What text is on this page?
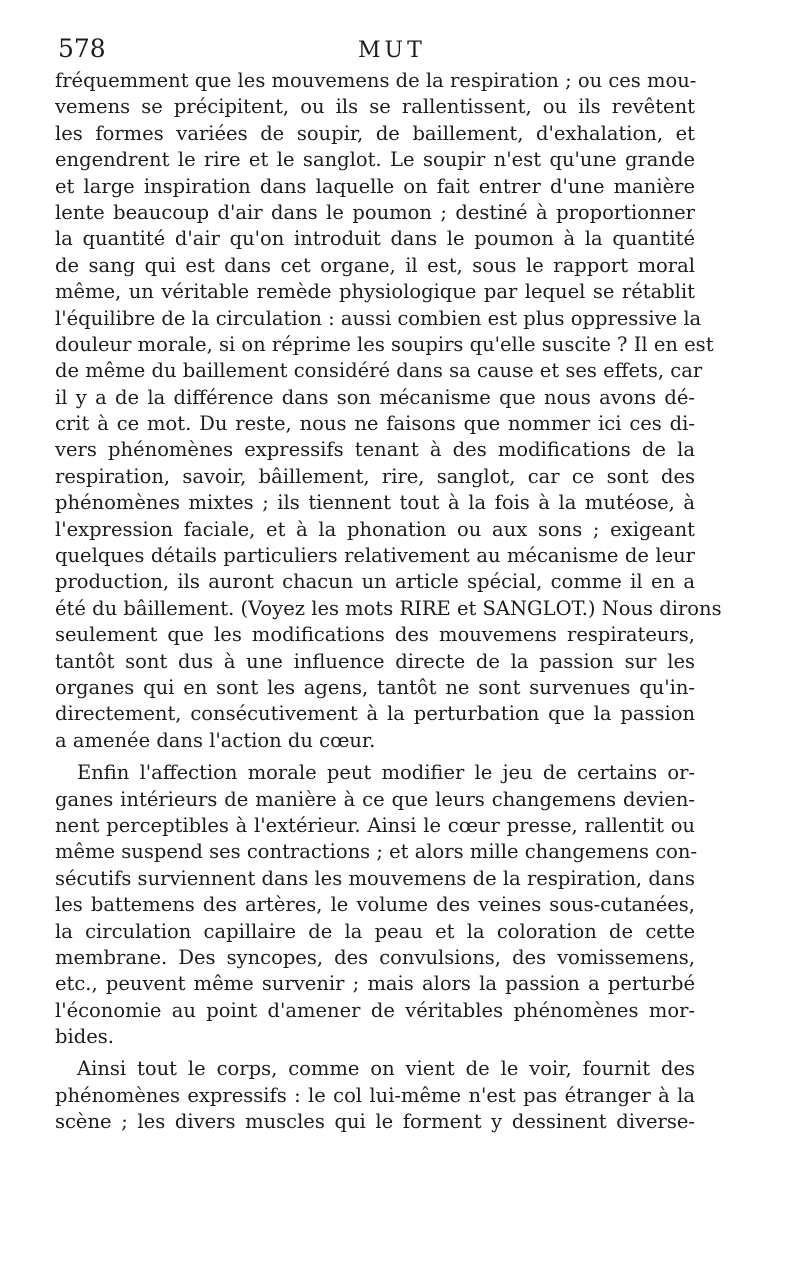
578	MUT
fréquemment que les mouvemens de la respiration ; ou ces mou-
vemens se précipitent, ou ils se rallentissent, ou ils revêtent
les formes variées de soupir, de baillement, d'exhalation, et
engendrent le rire et le sanglot. Le soupir n'est qu'une grande
et large inspiration dans laquelle on fait entrer d'une manière
lente beaucoup d'air dans le poumon ; destiné à proportionner
la quantité d'air qu'on introduit dans le poumon à la quantité
de sang qui est dans cet organe, il est, sous le rapport moral
même, un véritable remède physiologique par lequel se rétablit
l'équilibre de la circulation : aussi combien est plus oppressive la
douleur morale, si on réprime les soupirs qu'elle suscite ? Il en est
de même du baillement considéré dans sa cause et ses effets, car
il y a de la différence dans son mécanisme que nous avons dé-
crit à ce mot. Du reste, nous ne faisons que nommer ici ces di-
vers phénomènes expressifs tenant à des modifications de la
respiration, savoir, bâillement, rire, sanglot, car ce sont des
phénomènes mixtes ; ils tiennent tout à la fois à la mutéose, à
l'expression faciale, et à la phonation ou aux sons ; exigeant
quelques détails particuliers relativement au mécanisme de leur
production, ils auront chacun un article spécial, comme il en a
été du bâillement. (Voyez les mots RIRE et SANGLOT.) Nous dirons
seulement que les modifications des mouvemens respirateurs,
tantôt sont dus à une influence directe de la passion sur les
organes qui en sont les agens, tantôt ne sont survenues qu'in-
directement, consécutivement à la perturbation que la passion
a amenée dans l'action du cœur.
Enfin l'affection morale peut modifier le jeu de certains or-
ganes intérieurs de manière à ce que leurs changemens devien-
nent perceptibles à l'extérieur. Ainsi le cœur presse, rallentit ou
même suspend ses contractions ; et alors mille changemens con-
sécutifs surviennent dans les mouvemens de la respiration, dans
les battemens des artères, le volume des veines sous-cutanées,
la circulation capillaire de la peau et la coloration de cette
membrane. Des syncopes, des convulsions, des vomissemens,
etc., peuvent même survenir ; mais alors la passion a perturbé
l'économie au point d'amener de véritables phénomènes mor-
bides.
Ainsi tout le corps, comme on vient de le voir, fournit des
phénomènes expressifs : le col lui-même n'est pas étranger à la
scène ; les divers muscles qui le forment y dessinent diverse-
